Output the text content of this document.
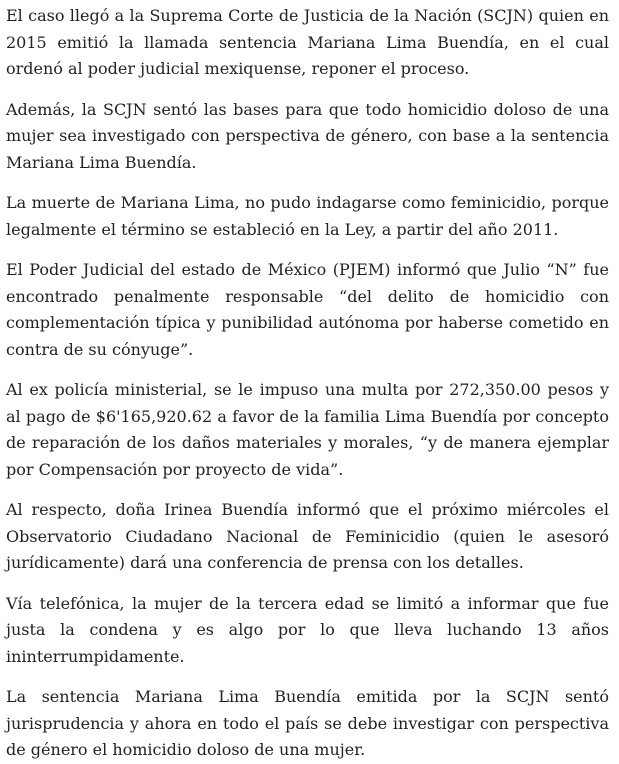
El caso llegó a la Suprema Corte de Justicia de la Nación (SCJN) quien en 2015 emitió la llamada sentencia Mariana Lima Buendía, en el cual ordenó al poder judicial mexiquense, reponer el proceso.

Además, la SCJN sentó las bases para que todo homicidio doloso de una mujer sea investigado con perspectiva de género, con base a la sentencia Mariana Lima Buendía.

La muerte de Mariana Lima, no pudo indagarse como feminicidio, porque legalmente el término se estableció en la Ley, a partir del año 2011.

El Poder Judicial del estado de México (PJEM) informó que Julio “N” fue encontrado penalmente responsable “del delito de homicidio con complementación típica y punibilidad autónoma por haberse cometido en contra de su cónyuge”.

Al ex policía ministerial, se le impuso una multa por 272,350.00 pesos y al pago de $6'165,920.62 a favor de la familia Lima Buendía por concepto de reparación de los daños materiales y morales, “y de manera ejemplar por Compensación por proyecto de vida”.

Al respecto, doña Irinea Buendía informó que el próximo miércoles el Observatorio Ciudadano Nacional de Feminicidio (quien le asesoró jurídicamente) dará una conferencia de prensa con los detalles.

Vía telefónica, la mujer de la tercera edad se limitó a informar que fue justa la condena y es algo por lo que lleva luchando 13 años ininterrumpidamente.

La sentencia Mariana Lima Buendía emitida por la SCJN sentó jurisprudencia y ahora en todo el país se debe investigar con perspectiva de género el homicidio doloso de una mujer.
